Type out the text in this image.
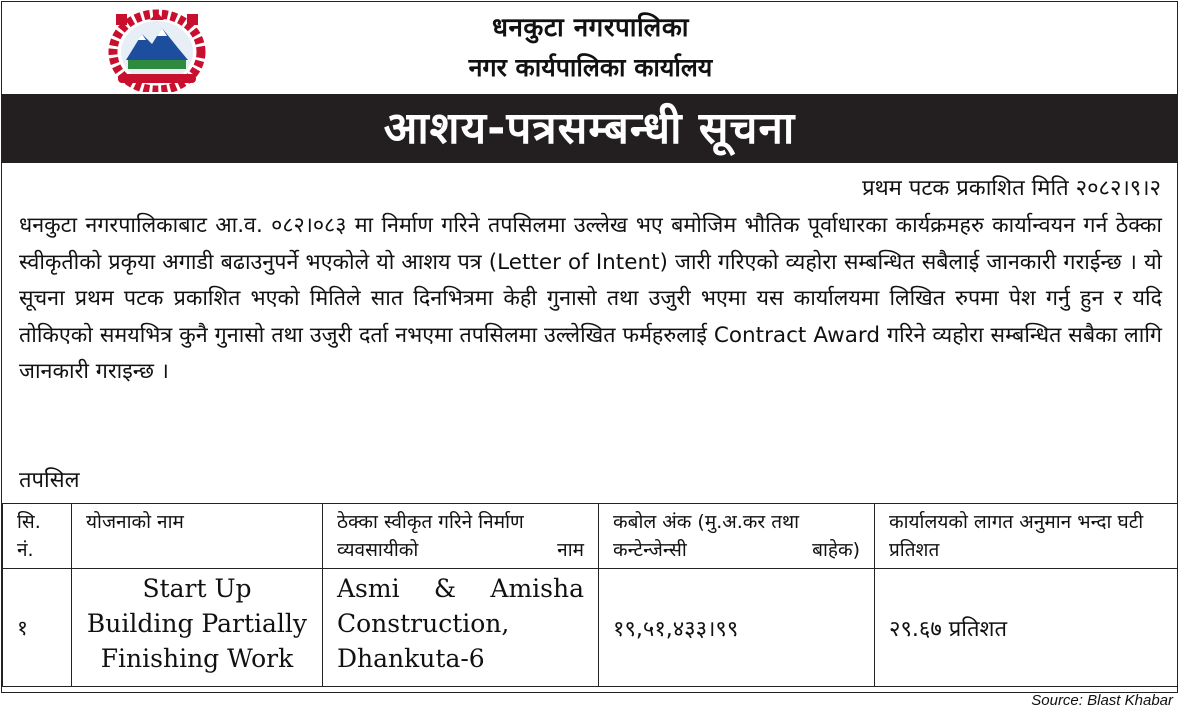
धनकुटा नगरपालिका
नगर कार्यपालिका कार्यालय
आशय-पत्रसम्बन्धी सूचना
प्रथम पटक प्रकाशित मिति २०८२।९।२

धनकुटा नगरपालिकाबाट आ.व. ०८२।०८३ मा निर्माण गरिने तपसिलमा उल्लेख भए बमोजिम भौतिक पूर्वाधारका कार्यक्रमहरु कार्यान्वयन गर्न ठेक्का स्वीकृतीको प्रकृया अगाडी बढाउनुपर्ने भएकोले यो आशय पत्र (Letter of Intent) जारी गरिएको व्यहोरा सम्बन्धित सबैलाई जानकारी गराईन्छ । यो सूचना प्रथम पटक प्रकाशित भएको मितिले सात दिनभित्रमा केही गुनासो तथा उजुरी भएमा यस कार्यालयमा लिखित रुपमा पेश गर्नु हुन र यदि तोकिएको समयभित्र कुनै गुनासो तथा उजुरी दर्ता नभएमा तपसिलमा उल्लेखित फर्महरुलाई Contract Award गरिने व्यहोरा सम्बन्धित सबैका लागि जानकारी गराइन्छ ।

तपसिल
सि. नं.	योजनाको नाम	ठेक्का स्वीकृत गरिने निर्माण व्यवसायीको नाम	कबोल अंक (मु.अ.कर तथा कन्टेन्जेन्सी बाहेक)	कार्यालयको लागत अनुमान भन्दा घटी प्रतिशत
१	Start Up Building Partially Finishing Work	Asmi & Amisha Construction, Dhankuta-6	१९,५१,४३३।९९	२९.६७ प्रतिशत
Source: Blast Khabar
